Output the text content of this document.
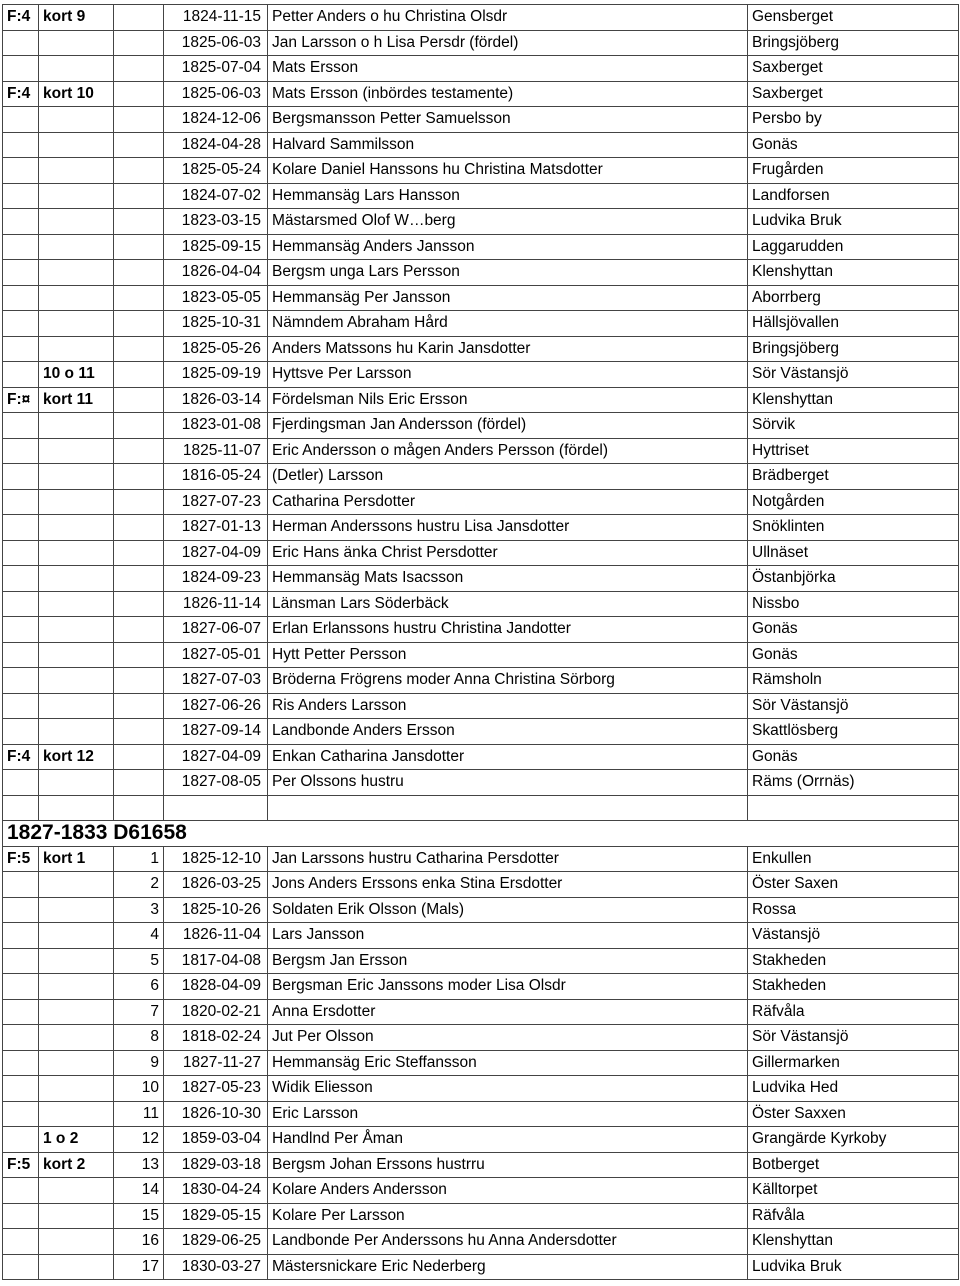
F:4	kort 9		1824-11-15	Petter Anders o hu Christina Olsdr	Gensberget
			1825-06-03	Jan Larsson o h Lisa Persdr (fördel)	Bringsjöberg
			1825-07-04	Mats Ersson	Saxberget
F:4	kort 10		1825-06-03	Mats Ersson (inbördes testamente)	Saxberget
			1824-12-06	Bergsmansson Petter Samuelsson	Persbo by
			1824-04-28	Halvard Sammilsson	Gonäs
			1825-05-24	Kolare Daniel Hanssons hu Christina Matsdotter	Frugården
			1824-07-02	Hemmansäg Lars Hansson	Landforsen
			1823-03-15	Mästarsmed Olof W…berg	Ludvika Bruk
			1825-09-15	Hemmansäg Anders Jansson	Laggarudden
			1826-04-04	Bergsm unga Lars Persson	Klenshyttan
			1823-05-05	Hemmansäg Per Jansson	Aborrberg
			1825-10-31	Nämndem Abraham Hård	Hällsjövallen
			1825-05-26	Anders Matssons hu Karin Jansdotter	Bringsjöberg
	10 o 11		1825-09-19	Hyttsve Per Larsson	Sör Västansjö
F:¤	kort 11		1826-03-14	Fördelsman Nils Eric Ersson	Klenshyttan
			1823-01-08	Fjerdingsman Jan Andersson (fördel)	Sörvik
			1825-11-07	Eric Andersson o mågen Anders Persson (fördel)	Hyttriset
			1816-05-24	(Detler) Larsson	Brädberget
			1827-07-23	Catharina Persdotter	Notgården
			1827-01-13	Herman Anderssons hustru Lisa Jansdotter	Snöklinten
			1827-04-09	Eric Hans änka Christ Persdotter	Ullnäset
			1824-09-23	Hemmansäg Mats Isacsson	Östanbjörka
			1826-11-14	Länsman Lars Söderbäck	Nissbo
			1827-06-07	Erlan Erlanssons hustru Christina Jandotter	Gonäs
			1827-05-01	Hytt Petter Persson	Gonäs
			1827-07-03	Bröderna Frögrens moder Anna Christina Sörborg	Rämsholn
			1827-06-26	Ris Anders Larsson	Sör Västansjö
			1827-09-14	Landbonde Anders Ersson	Skattlösberg
F:4	kort 12		1827-04-09	Enkan Catharina Jansdotter	Gonäs
			1827-08-05	Per Olssons hustru	Räms (Orrnäs)

1827-1833 D61658					
F:5	kort 1	1	1825-12-10	Jan Larssons hustru Catharina Persdotter	Enkullen
		2	1826-03-25	Jons Anders Erssons enka Stina Ersdotter	Öster Saxen
		3	1825-10-26	Soldaten Erik Olsson (Mals)	Rossa
		4	1826-11-04	Lars Jansson	Västansjö
		5	1817-04-08	Bergsm Jan Ersson	Stakheden
		6	1828-04-09	Bergsman Eric Janssons moder Lisa Olsdr	Stakheden
		7	1820-02-21	Anna Ersdotter	Räfvåla
		8	1818-02-24	Jut Per Olsson	Sör Västansjö
		9	1827-11-27	Hemmansäg Eric Steffansson	Gillermarken
		10	1827-05-23	Widik Eliesson	Ludvika Hed
		11	1826-10-30	Eric Larsson	Öster Saxxen
	1 o 2	12	1859-03-04	Handlnd Per Åman	Grangärde Kyrkoby
F:5	kort 2	13	1829-03-18	Bergsm Johan Erssons hustrru	Botberget
		14	1830-04-24	Kolare Anders Andersson	Källtorpet
		15	1829-05-15	Kolare Per Larsson	Räfvåla
		16	1829-06-25	Landbonde Per Anderssons hu Anna Andersdotter	Klenshyttan
		17	1830-03-27	Mästersnickare Eric Nederberg	Ludvika Bruk
